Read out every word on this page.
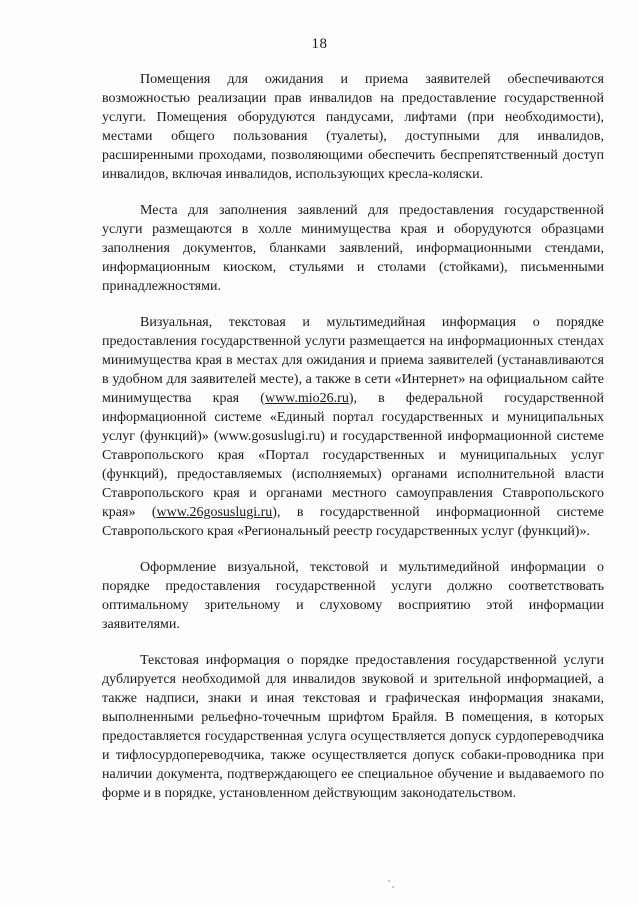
18

Помещения для ожидания и приема заявителей обеспечиваются возможностью реализации прав инвалидов на предоставление государственной услуги. Помещения оборудуются пандусами, лифтами (при необходимости), местами общего пользования (туалеты), доступными для инвалидов, расширенными проходами, позволяющими обеспечить беспрепятственный доступ инвалидов, включая инвалидов, использующих кресла-коляски.

Места для заполнения заявлений для предоставления государственной услуги размещаются в холле минимущества края и оборудуются образцами заполнения документов, бланками заявлений, информационными стендами, информационным киоском, стульями и столами (стойками), письменными принадлежностями.

Визуальная, текстовая и мультимедийная информация о порядке предоставления государственной услуги размещается на информационных стендах минимущества края в местах для ожидания и приема заявителей (устанавливаются в удобном для заявителей месте), а также в сети «Интернет» на официальном сайте минимущества края (www.mio26.ru), в федеральной государственной информационной системе «Единый портал государственных и муниципальных услуг (функций)» (www.gosuslugi.ru) и государственной информационной системе Ставропольского края «Портал государственных и муниципальных услуг (функций), предоставляемых (исполняемых) органами исполнительной власти Ставропольского края и органами местного самоуправления Ставропольского края» (www.26gosuslugi.ru), в государственной информационной системе Ставропольского края «Региональный реестр государственных услуг (функций)».

Оформление визуальной, текстовой и мультимедийной информации о порядке предоставления государственной услуги должно соответствовать оптимальному зрительному и слуховому восприятию этой информации заявителями.

Текстовая информация о порядке предоставления государственной услуги дублируется необходимой для инвалидов звуковой и зрительной информацией, а также надписи, знаки и иная текстовая и графическая информация знаками, выполненными рельефно-точечным шрифтом Брайля. В помещения, в которых предоставляется государственная услуга осуществляется допуск сурдопереводчика и тифлосурдопереводчика, также осуществляется допуск собаки-проводника при наличии документа, подтверждающего ее специальное обучение и выдаваемого по форме и в порядке, установленном действующим законодательством.
